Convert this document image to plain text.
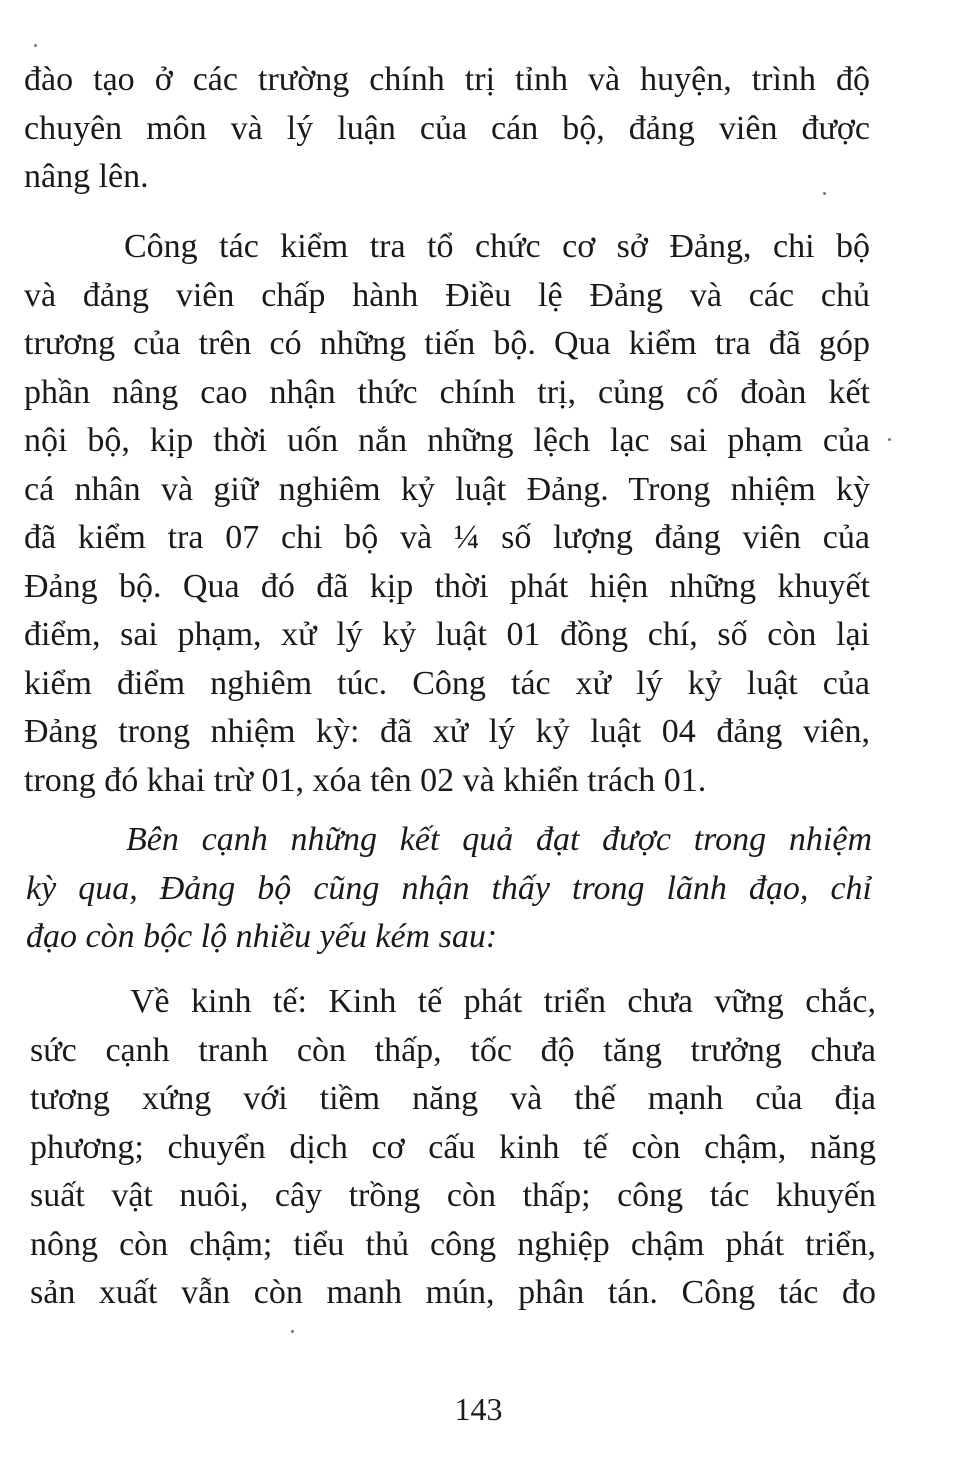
đào tạo ở các trường chính trị tỉnh và huyện, trình độ
chuyên môn và lý luận của cán bộ, đảng viên được
nâng lên.
Công tác kiểm tra tổ chức cơ sở Đảng, chi bộ
và đảng viên chấp hành Điều lệ Đảng và các chủ
trương của trên có những tiến bộ. Qua kiểm tra đã góp
phần nâng cao nhận thức chính trị, củng cố đoàn kết
nội bộ, kịp thời uốn nắn những lệch lạc sai phạm của
cá nhân và giữ nghiêm kỷ luật Đảng. Trong nhiệm kỳ
đã kiểm tra 07 chi bộ và ¼ số lượng đảng viên của
Đảng bộ. Qua đó đã kịp thời phát hiện những khuyết
điểm, sai phạm, xử lý kỷ luật 01 đồng chí, số còn lại
kiểm điểm nghiêm túc. Công tác xử lý kỷ luật của
Đảng trong nhiệm kỳ: đã xử lý kỷ luật 04 đảng viên,
trong đó khai trừ 01, xóa tên 02 và khiển trách 01.
Bên cạnh những kết quả đạt được trong nhiệm
kỳ qua, Đảng bộ cũng nhận thấy trong lãnh đạo, chỉ
đạo còn bộc lộ nhiều yếu kém sau:
Về kinh tế: Kinh tế phát triển chưa vững chắc,
sức cạnh tranh còn thấp, tốc độ tăng trưởng chưa
tương xứng với tiềm năng và thế mạnh của địa
phương; chuyển dịch cơ cấu kinh tế còn chậm, năng
suất vật nuôi, cây trồng còn thấp; công tác khuyến
nông còn chậm; tiểu thủ công nghiệp chậm phát triển,
sản xuất vẫn còn manh mún, phân tán. Công tác đo
143
